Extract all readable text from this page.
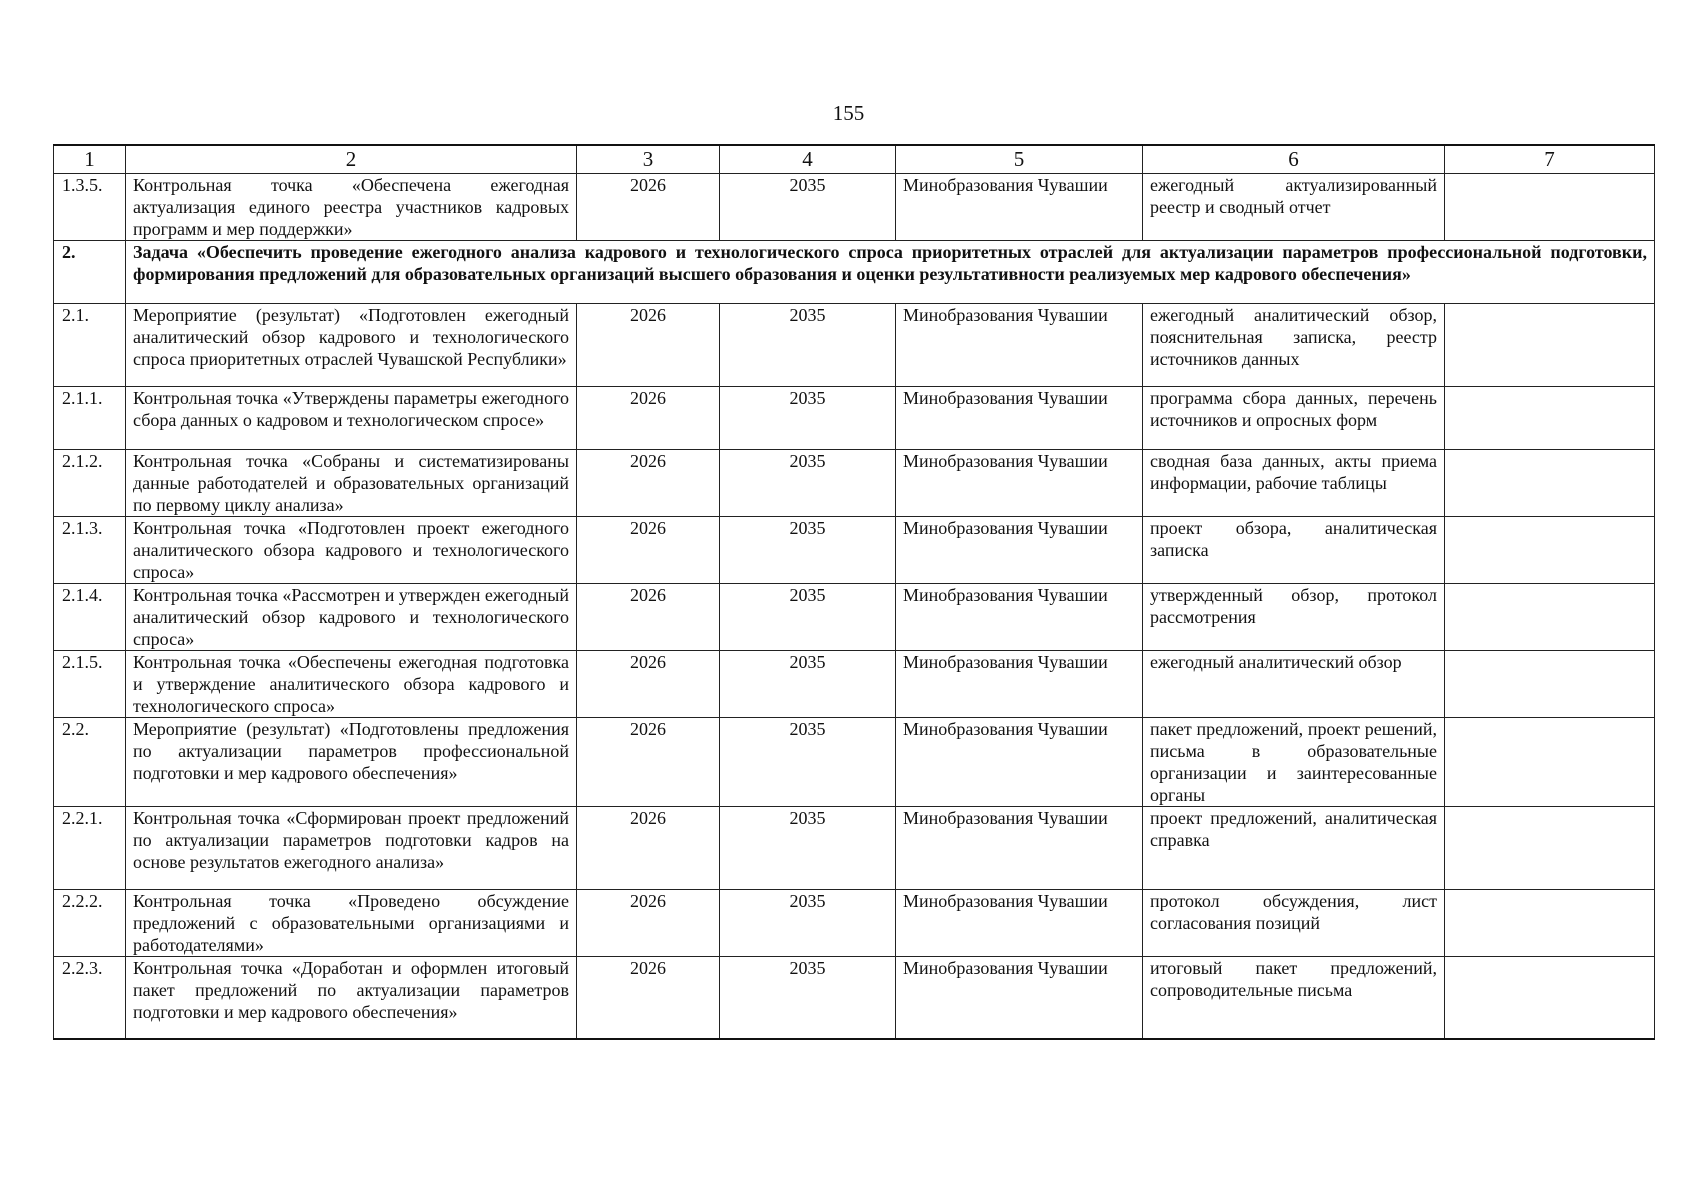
155
1	2	3	4	5	6	7
1.3.5.	Контрольная точка «Обеспечена ежегодная актуализация единого реестра участников кадровых программ и мер поддержки»	2026	2035	Минобразования Чувашии	ежегодный актуализированный реестр и сводный отчет	
2.	Задача «Обеспечить проведение ежегодного анализа кадрового и технологического спроса приоритетных отраслей для актуализации параметров профессиональной подготовки, формирования предложений для образовательных организаций высшего образования и оценки результативности реализуемых мер кадрового обеспечения»					
2.1.	Мероприятие (результат) «Подготовлен ежегодный аналитический обзор кадрового и технологического спроса приоритетных отраслей Чувашской Республики»	2026	2035	Минобразования Чувашии	ежегодный аналитический обзор, пояснительная записка, реестр источников данных	
2.1.1.	Контрольная точка «Утверждены параметры ежегодного сбора данных о кадровом и технологическом спросе»	2026	2035	Минобразования Чувашии	программа сбора данных, перечень источников и опросных форм	
2.1.2.	Контрольная точка «Собраны и систематизированы данные работодателей и образовательных организаций по первому циклу анализа»	2026	2035	Минобразования Чувашии	сводная база данных, акты приема информации, рабочие таблицы	
2.1.3.	Контрольная точка «Подготовлен проект ежегодного аналитического обзора кадрового и технологического спроса»	2026	2035	Минобразования Чувашии	проект обзора, аналитическая записка	
2.1.4.	Контрольная точка «Рассмотрен и утвержден ежегодный аналитический обзор кадрового и технологического спроса»	2026	2035	Минобразования Чувашии	утвержденный обзор, протокол рассмотрения	
2.1.5.	Контрольная точка «Обеспечены ежегодная подготовка и утверждение аналитического обзора кадрового и технологического спроса»	2026	2035	Минобразования Чувашии	ежегодный аналитический обзор	
2.2.	Мероприятие (результат) «Подготовлены предложения по актуализации параметров профессиональной подготовки и мер кадрового обеспечения»	2026	2035	Минобразования Чувашии	пакет предложений, проект решений, письма в образовательные организации и заинтересованные органы	
2.2.1.	Контрольная точка «Сформирован проект предложений по актуализации параметров подготовки кадров на основе результатов ежегодного анализа»	2026	2035	Минобразования Чувашии	проект предложений, аналитическая справка	
2.2.2.	Контрольная точка «Проведено обсуждение предложений с образовательными организациями и работодателями»	2026	2035	Минобразования Чувашии	протокол обсуждения, лист согласования позиций	
2.2.3.	Контрольная точка «Доработан и оформлен итоговый пакет предложений по актуализации параметров подготовки и мер кадрового обеспечения»	2026	2035	Минобразования Чувашии	итоговый пакет предложений, сопроводительные письма	
